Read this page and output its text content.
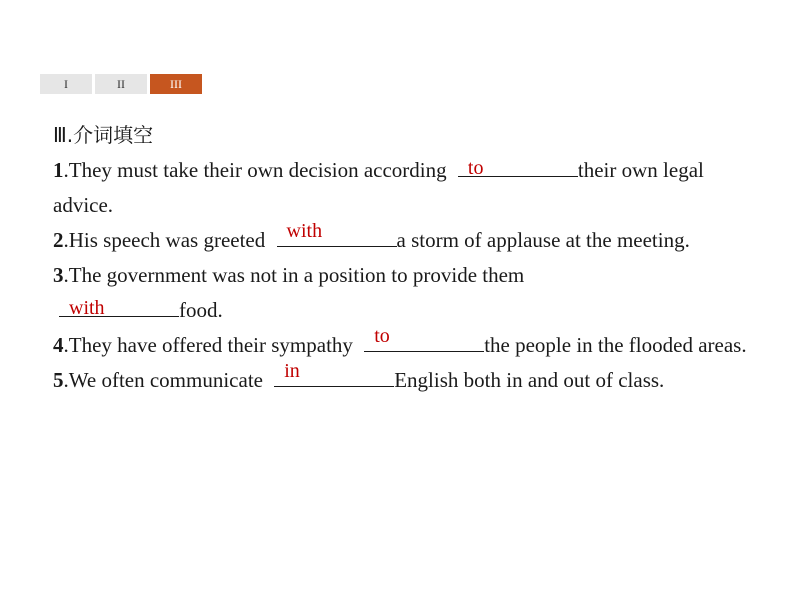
I	II	III

Ⅲ.介词填空

1.They must take their own decision according to	their own legal advice.

2.His speech was greeted with	a storm of applause at the meeting.

3.The government was not in a position to provide them

with	food.

4.They have offered their sympathy to	the people in the flooded areas.

5.We often communicate in	English both in and out of class.
